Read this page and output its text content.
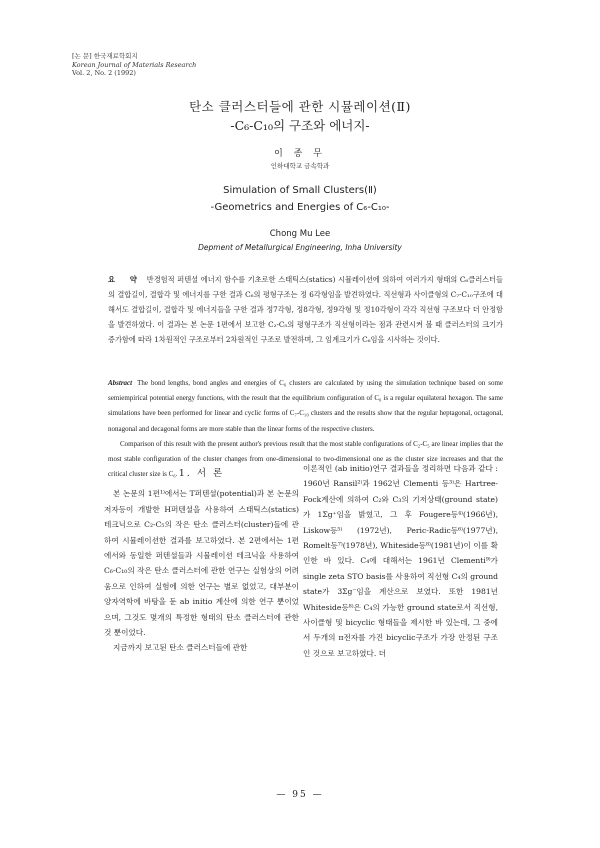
[논 문] 한국재료학회지
Korean Journal of Materials Research
Vol. 2, No. 2 (1992)
탄소 클러스터들에 관한 시뮬레이션(Ⅱ)
-C₆-C₁₀의 구조와 에너지-
이 종 무
인하대학교 금속학과
Simulation of Small Clusters(Ⅱ)
-Geometrics and Energies of C₆-C₁₀-
Chong Mu Lee
Depment of Metallurgical Engineering, Inha University
요 약 반경험적 퍼텐셜 에너지 함수를 기초로한 스태틱스(statics) 시뮬레이션에 의하여 여러가지 형태의 C₆클러스터들의 결합길이, 결합각 및 에너지를 구한 결과 C₆의 평형구조는 정 6각형임을 발견하였다. 직선형과 사이클형의 C₇-C₁₀구조에 대해서도 결합길이, 결합각 및 에너지들을 구한 결과 정7각형, 정8각형, 정9각형 및 정10각형이 각각 직선형 구조보다 더 안정함을 발견하였다. 이 결과는 본 논문 1편에서 보고한 C₂-C₅의 평형구조가 직선형이라는 점과 관련시켜 볼 때 클러스터의 크기가 증가함에 따라 1차원적인 구조로부터 2차원적인 구조로 발전하며, 그 임계크기가 C₆임을 시사하는 것이다.

Abstract The bond lengths, bond angles and energies of C₆ clusters are calculated by using the simulation technique based on some semiempirical potential energy functions, with the result that the equilibrium configuration of C₆ is a regular equilateral hexagon. The same simulations have been performed for linear and cyclic forms of C₇-C₁₀ clusters and the results show that the regular heptagonal, octagonal, nonagonal and decagonal forms are more stable than the linear forms of the respective clusters.

Comparison of this result with the present author's previous result that the most stable configurations of C₂-C₅ are linear implies that the most stable configuration of the cluster changes from one-dimensional to two-dimensional one as the cluster size increases and that the critical cluster size is C₆. 1. 서 론

본 논문의 1편¹⁾에서는 T퍼텐셜(potential)과 본 논문의 저자등이 개발한 H퍼텐셜을 사용하여 스태틱스(statics) 테크닉으로 C₂-C₅의 작은 탄소 클러스터(cluster)들에 관하여 시뮬레이션한 결과를 보고하였다. 본 2편에서는 1편에서와 동일한 퍼텐셜들과 시뮬레이션 테크닉을 사용하여 C₆-C₁₀의 작은 탄소 클러스터에 관한 연구는 실험상의 어려움으로 인하여 실험에 의한 연구는 별로 없었고, 대부분이 양자역학에 바탕을 둔 ab initio 계산에 의한 연구 뿐이었으며, 그것도 몇개의 특정한 형태의 탄소 클러스터에 관한 것 뿐이었다.

지금까지 보고된 탄소 클러스터들에 관한

이론적인 (ab initio)연구 결과들을 정리하면 다음과 같다 : 1960년 Ransil²⁾과 1962년 Clementi 등³⁾은 Hartree-Fock계산에 의하여 C₂와 C₃의 기저상태(ground state)가 1Σg⁺임을 밝혔고, 그 후 Fougere등⁴⁾(1966년), Liskow등⁵⁾ (1972년), Peric-Radic등⁶⁾(1977년), Romelt등⁷⁾(1978년), Whiteside등⁸⁾(1981년)이 이를 확인한 바 있다. C₄에 대해서는 1961년 Clementi⁹⁾가 single zeta STO basis를 사용하여 직선형 C₄의 ground state가 3Σg⁻임을 계산으로 보였다. 또한 1981년 Whiteside등⁸⁾은 C₄의 가능한 ground state로서 직선형, 사이클형 및 bicyclic 형태들을 제시한 바 있는데, 그 중에서 두개의 π전자를 가진 bicyclic구조가 가장 안정된 구조인 것으로 보고하였다. 더

— 95 —
